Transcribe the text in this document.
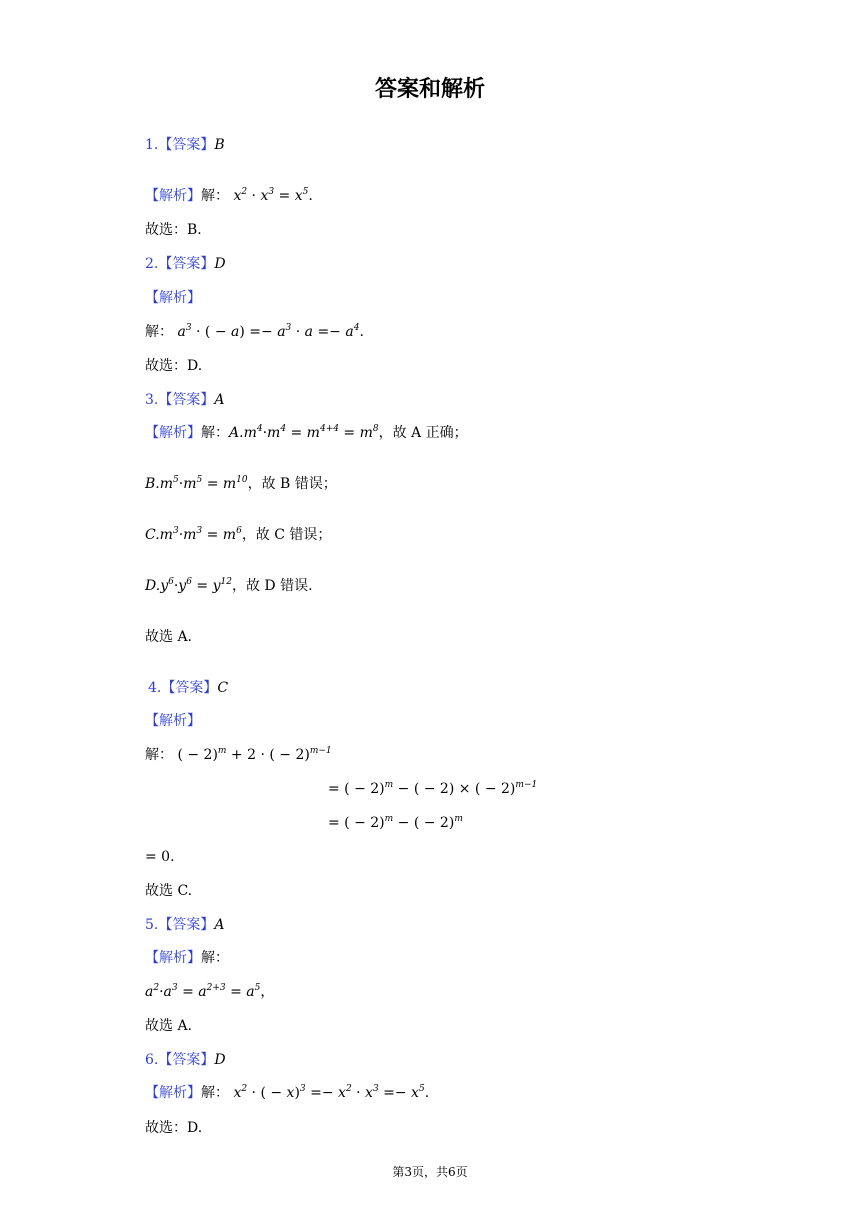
答案和解析
1.【答案】B
【解析】解： $x^2 \cdot x^3 = x^5$.
故选：B.
2.【答案】D
【解析】
解： $a^3$ · ( − $a) =- a^3 \cdot a =- a^4$.
故选：D.
3.【答案】A
【解析】解：$A.m^4\cdot m^4 = m^{4+4} = m^8$，故 A 正确；
$B.m^5\cdot m^5 = m^{10}$，故 B 错误；
$C.m^3\cdot m^3 = m^6$，故 C 错误；
$D.y^6\cdot y^6 = y^{12}$，故 D 错误.
故选 A.
4.【答案】C
【解析】
解： ( − 2)$^m$ + 2 · ( − 2)$^{m-1}$
= ( − 2)$^m$ − ( − 2) × ( − 2)$^{m-1}$
= ( − 2)$^m$ − ( − 2)$^m$
= 0.
故选 C.
5.【答案】A
【解析】解：
$a^2\cdot a^3 = a^{2+3} = a^5$，
故选 A.
6.【答案】D
【解析】解： $x^2$ · ( − $x)^3 =- x^2 \cdot x^3 =- x^5$.
故选：D.
第3页，共6页
